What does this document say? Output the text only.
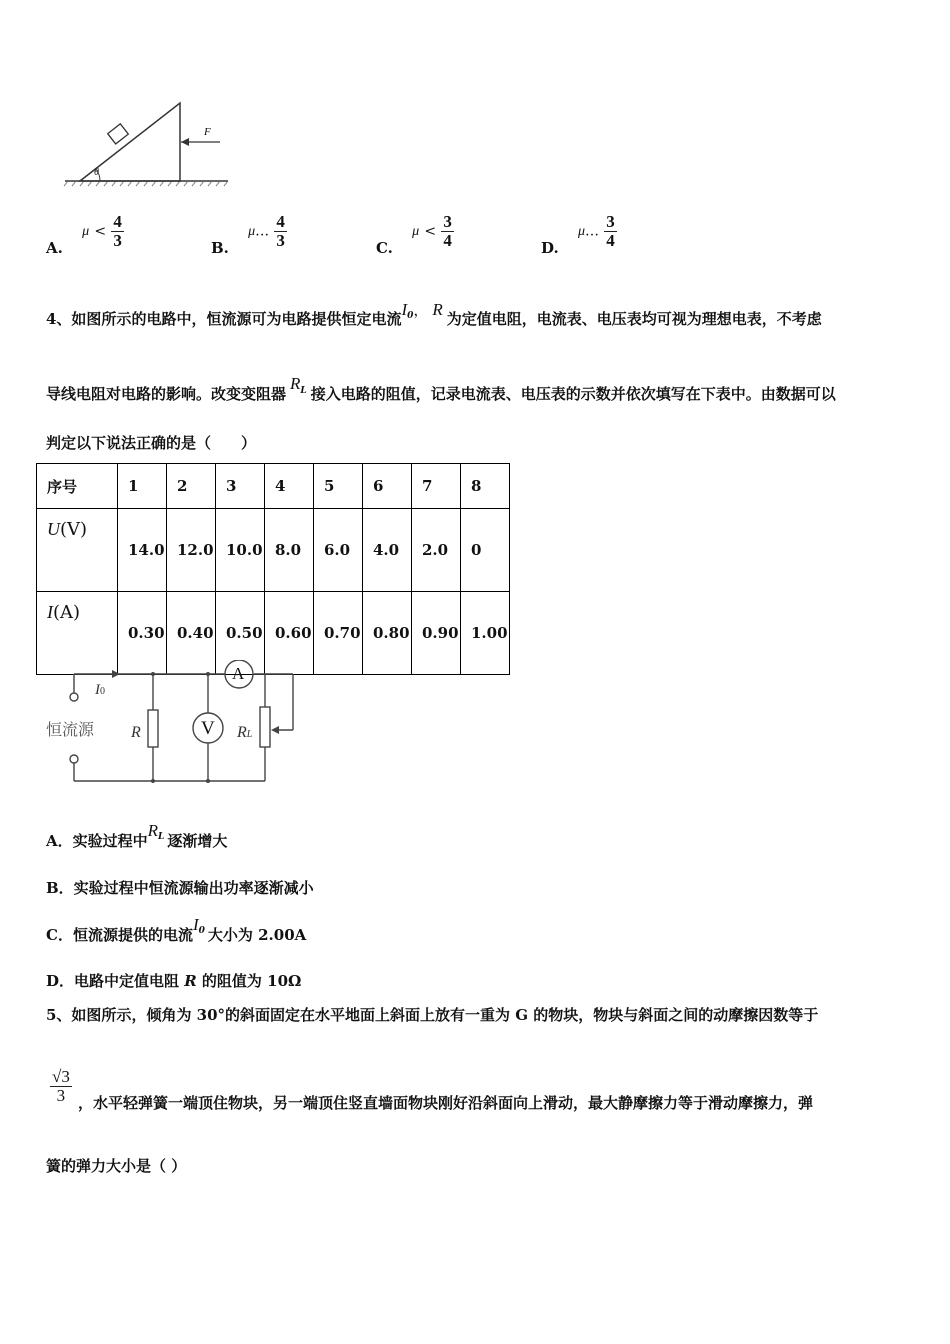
F
θ
A. $\mu < \frac{4}{3}$	B. μ… $\frac{4}{3}$	C. $\mu < \frac{3}{4}$	D. μ… $\frac{3}{4}$
4、如图所示的电路中，恒流源可为电路提供恒定电流$I^0$， R 为定值电阻，电流表、电压表均可视为理想电表，不考虑
导线电阻对电路的影响。改变变阻器$R^L$ 接入电路的阻值，记录电流表、电压表的示数并依次填写在下表中。由数据可以
判定以下说法正确的是（　　）
序号	1	2	3	4	5	6	7	8
U(V)	14.0	12.0	10.0	8.0	6.0	4.0	2.0	0
I(A)	0.30	0.40	0.50	0.60	0.70	0.80	0.90	1.00
A
V
恒流源
I0
R	RL
A．实验过程中$R^L$ 逐渐增大
B．实验过程中恒流源输出功率逐渐减小
C．恒流源提供的电流$I^0$ 大小为 2.00A
D．电路中定值电阻 R 的阻值为 10Ω
5、如图所示，倾角为 30°的斜面固定在水平地面上斜面上放有一重为 G 的物块，物块与斜面之间的动摩擦因数等于
$\frac{√3}{3}$ ，水平轻弹簧一端顶住物块，另一端顶住竖直墙面物块刚好沿斜面向上滑动，最大静摩擦力等于滑动摩擦力，弹
簧的弹力大小是（ ）
